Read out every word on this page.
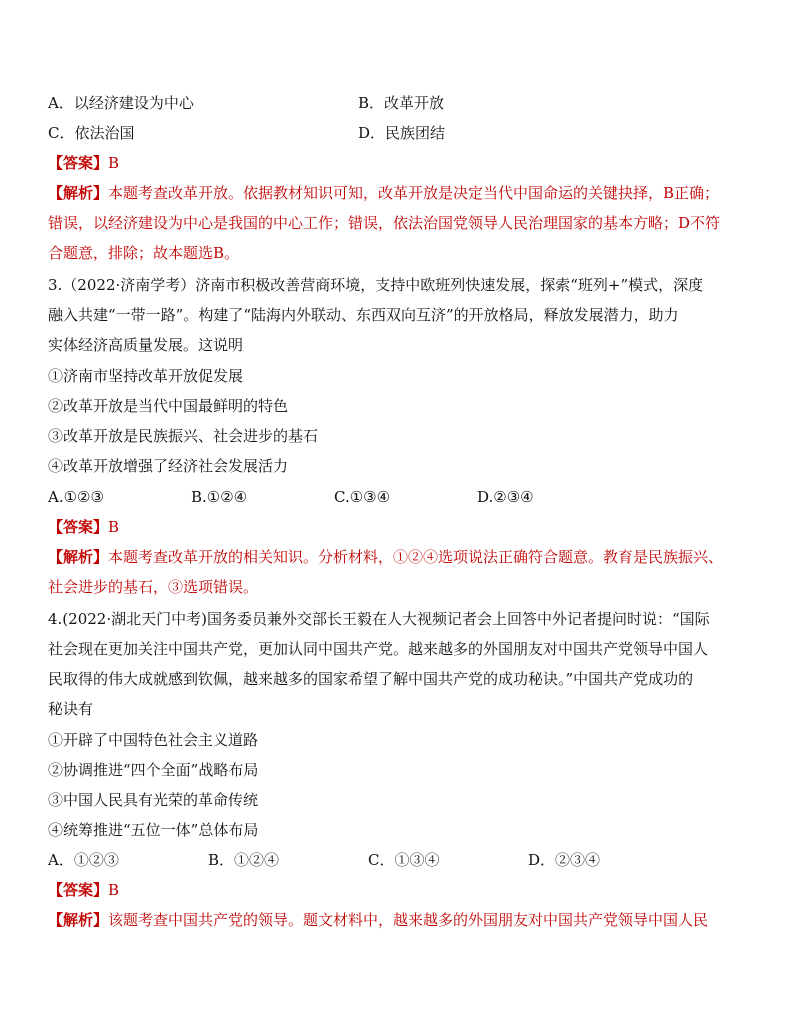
A．以经济建设为中心	B．改革开放
C．依法治国	D．民族团结
【答案】B
【解析】本题考查改革开放。依据教材知识可知，改革开放是决定当代中国命运的关键抉择，B正确；
错误，以经济建设为中心是我国的中心工作；错误，依法治国党领导人民治理国家的基本方略；D不符
合题意，排除；故本题选B。
3.（2022·济南学考）济南市积极改善营商环境，支持中欧班列快速发展，探索“班列+”模式，深度
融入共建“一带一路”。构建了“陆海内外联动、东西双向互济”的开放格局，释放发展潜力，助力
实体经济高质量发展。这说明
①济南市坚持改革开放促发展
②改革开放是当代中国最鲜明的特色
③改革开放是民族振兴、社会进步的基石
④改革开放增强了经济社会发展活力
A.①②③	B.①②④	C.①③④	D.②③④
【答案】B
【解析】本题考查改革开放的相关知识。分析材料，①②④选项说法正确符合题意。教育是民族振兴、
社会进步的基石，③选项错误。
4.(2022·湖北天门中考)国务委员兼外交部长王毅在人大视频记者会上回答中外记者提问时说：“国际
社会现在更加关注中国共产党，更加认同中国共产党。越来越多的外国朋友对中国共产党领导中国人
民取得的伟大成就感到钦佩，越来越多的国家希望了解中国共产党的成功秘诀。”中国共产党成功的
秘诀有
①开辟了中国特色社会主义道路
②协调推进“四个全面”战略布局
③中国人民具有光荣的革命传统
④统筹推进“五位一体”总体布局
A．①②③	B．①②④	C．①③④	D．②③④
【答案】B
【解析】该题考查中国共产党的领导。题文材料中，越来越多的外国朋友对中国共产党领导中国人民
